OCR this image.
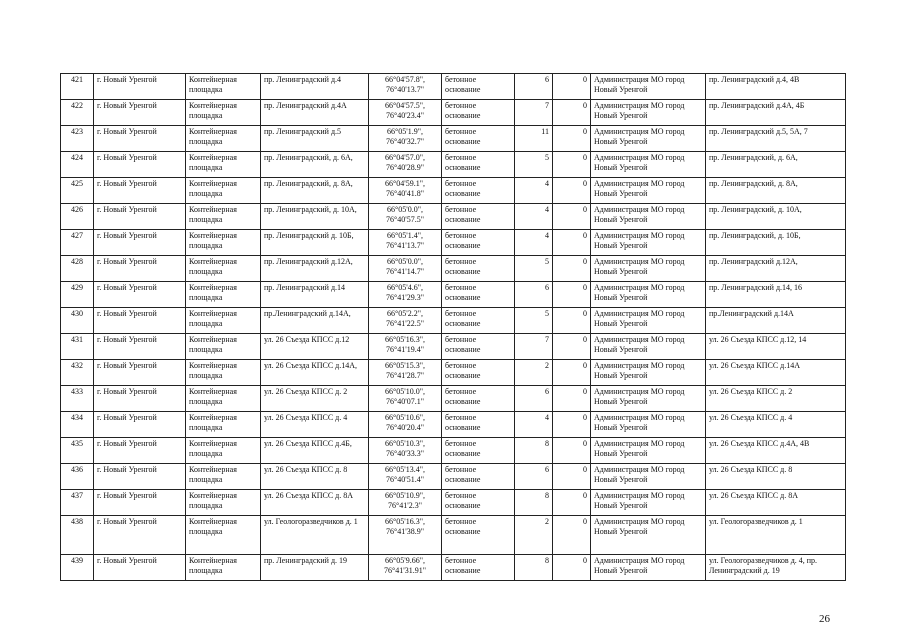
421	г. Новый Уренгой	Контейнерная площадка	пр. Ленинградский д.4	66°04'57.8", 76°40'13.7"	бетонное основание	6	0	Администрация МО город Новый Уренгой	пр. Ленинградский д.4, 4В
422	г. Новый Уренгой	Контейнерная площадка	пр. Ленинградский д.4А	66°04'57.5", 76°40'23.4"	бетонное основание	7	0	Администрация МО город Новый Уренгой	пр. Ленинградский д.4А, 4Б
423	г. Новый Уренгой	Контейнерная площадка	пр. Ленинградский д.5	66°05'1.9", 76°40'32.7"	бетонное основание	11	0	Администрация МО город Новый Уренгой	пр. Ленинградский д.5, 5А, 7
424	г. Новый Уренгой	Контейнерная площадка	пр. Ленинградский, д. 6А,	66°04'57.0", 76°40'28.9"	бетонное основание	5	0	Администрация МО город Новый Уренгой	пр. Ленинградский, д. 6А,
425	г. Новый Уренгой	Контейнерная площадка	пр. Ленинградский, д. 8А,	66°04'59.1", 76°40'41.8"	бетонное основание	4	0	Администрация МО город Новый Уренгой	пр. Ленинградский, д. 8А,
426	г. Новый Уренгой	Контейнерная площадка	пр. Ленинградский, д. 10А,	66°05'0.0", 76°40'57.5"	бетонное основание	4	0	Администрация МО город Новый Уренгой	пр. Ленинградский, д. 10А,
427	г. Новый Уренгой	Контейнерная площадка	пр. Ленинградский д. 10Б,	66°05'1.4", 76°41'13.7"	бетонное основание	4	0	Администрация МО город Новый Уренгой	пр. Ленинградский, д. 10Б,
428	г. Новый Уренгой	Контейнерная площадка	пр. Ленинградский д.12А,	66°05'0.0", 76°41'14.7"	бетонное основание	5	0	Администрация МО город Новый Уренгой	пр. Ленинградский д.12А,
429	г. Новый Уренгой	Контейнерная площадка	пр. Ленинградский д.14	66°05'4.6", 76°41'29.3"	бетонное основание	6	0	Администрация МО город Новый Уренгой	пр. Ленинградский д.14, 16
430	г. Новый Уренгой	Контейнерная площадка	пр.Ленинградский д.14А,	66°05'2.2", 76°41'22.5"	бетонное основание	5	0	Администрация МО город Новый Уренгой	пр.Ленинградский д.14А
431	г. Новый Уренгой	Контейнерная площадка	ул. 26 Съезда КПСС д.12	66°05'16.3", 76°41'19.4"	бетонное основание	7	0	Администрация МО город Новый Уренгой	ул. 26 Съезда КПСС д.12, 14
432	г. Новый Уренгой	Контейнерная площадка	ул. 26 Съезда КПСС д.14А,	66°05'15.3", 76°41'28.7"	бетонное основание	2	0	Администрация МО город Новый Уренгой	ул. 26 Съезда КПСС д.14А
433	г. Новый Уренгой	Контейнерная площадка	ул. 26 Съезда КПСС д. 2	66°05'10.0", 76°40'07.1"	бетонное основание	6	0	Администрация МО город Новый Уренгой	ул. 26 Съезда КПСС д. 2
434	г. Новый Уренгой	Контейнерная площадка	ул. 26 Съезда КПСС д. 4	66°05'10.6", 76°40'20.4"	бетонное основание	4	0	Администрация МО город Новый Уренгой	ул. 26 Съезда КПСС д. 4
435	г. Новый Уренгой	Контейнерная площадка	ул. 26 Съезда КПСС д.4Б,	66°05'10.3", 76°40'33.3"	бетонное основание	8	0	Администрация МО город Новый Уренгой	ул. 26 Съезда КПСС д.4А, 4В
436	г. Новый Уренгой	Контейнерная площадка	ул. 26 Съезда КПСС д. 8	66°05'13.4", 76°40'51.4"	бетонное основание	6	0	Администрация МО город Новый Уренгой	ул. 26 Съезда КПСС д. 8
437	г. Новый Уренгой	Контейнерная площадка	ул. 26 Съезда КПСС д. 8А	66°05'10.9", 76°41'2.3"	бетонное основание	8	0	Администрация МО город Новый Уренгой	ул. 26 Съезда КПСС д. 8А
438	г. Новый Уренгой	Контейнерная площадка	ул. Геологоразведчиков д. 1	66°05'16.3", 76°41'38.9"	бетонное основание	2	0	Администрация МО город Новый Уренгой	ул. Геологоразведчиков д. 1
439	г. Новый Уренгой	Контейнерная площадка	пр. Ленинградский д. 19	66°05'9.66", 76°41'31.91"	бетонное основание	8	0	Администрация МО город Новый Уренгой	ул. Геологоразведчиков д. 4, пр. Ленинградский д. 19
26
